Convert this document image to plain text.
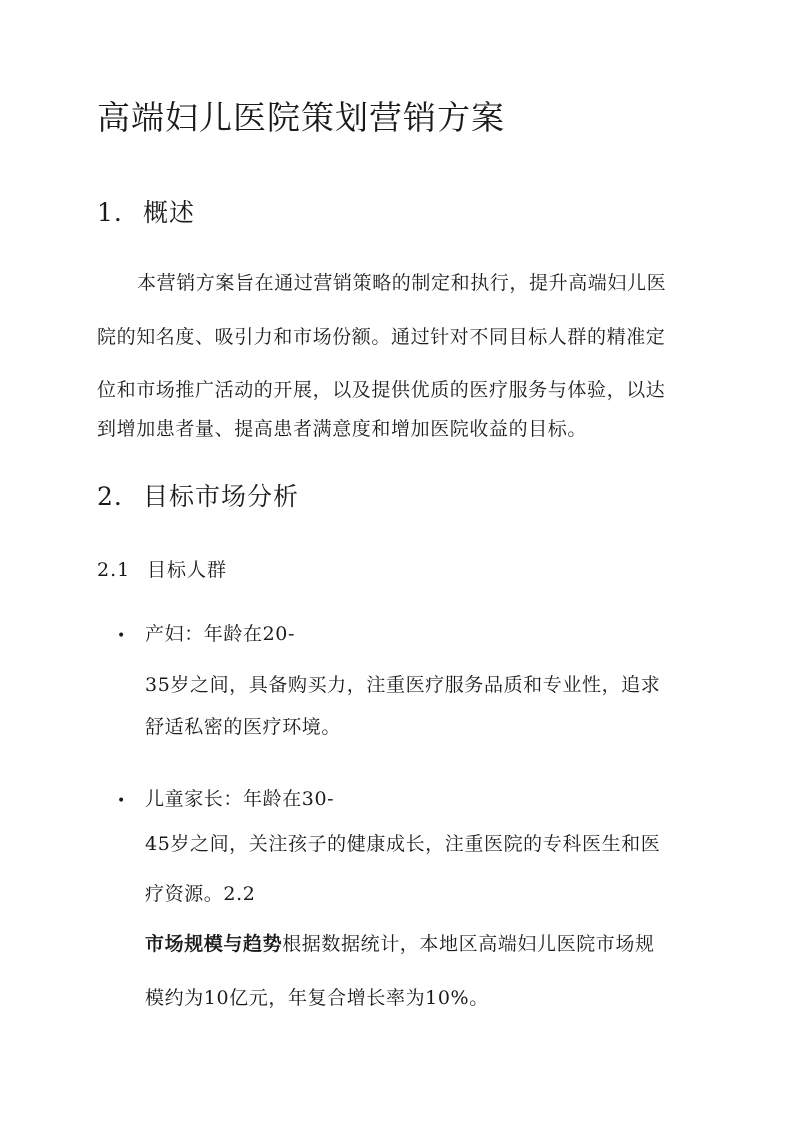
高端妇儿医院策划营销方案
1. 概述
本营销方案旨在通过营销策略的制定和执行，提升高端妇儿医
院的知名度、吸引力和市场份额。通过针对不同目标人群的精准定
位和市场推广活动的开展，以及提供优质的医疗服务与体验，以达
到增加患者量、提高患者满意度和增加医院收益的目标。
2. 目标市场分析
2.1 目标人群
• 产妇：年龄在20-
35岁之间，具备购买力，注重医疗服务品质和专业性，追求
舒适私密的医疗环境。
• 儿童家长：年龄在30-
45岁之间，关注孩子的健康成长，注重医院的专科医生和医
疗资源。2.2
市场规模与趋势根据数据统计，本地区高端妇儿医院市场规
模约为10亿元，年复合增长率为10%。
